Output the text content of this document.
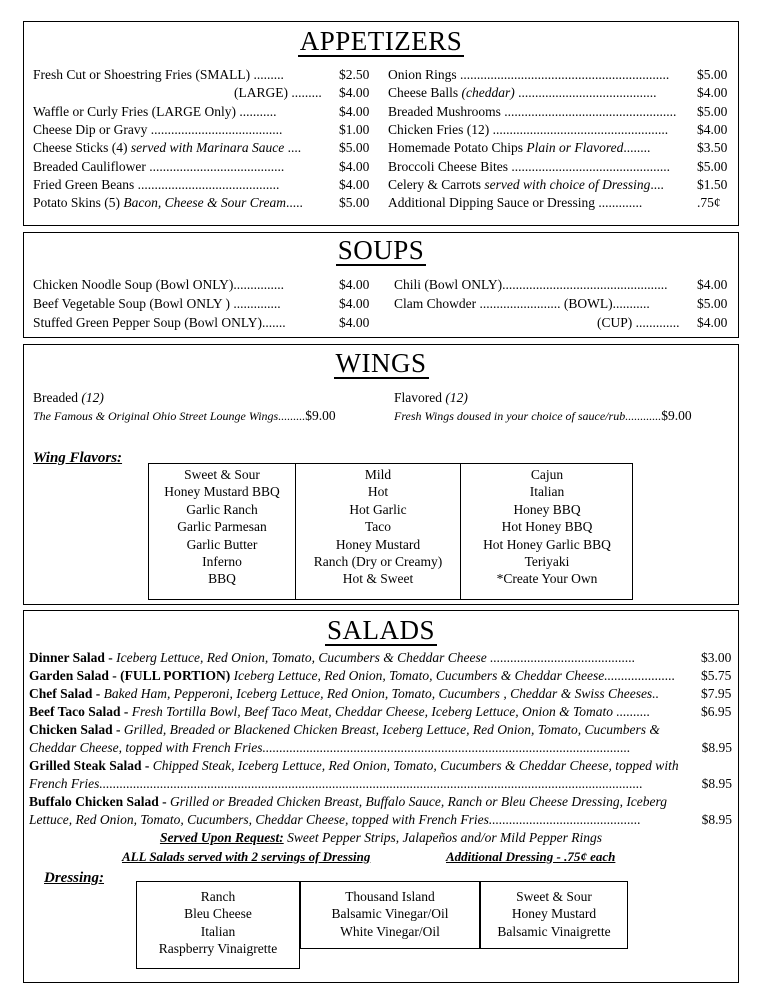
APPETIZERS
Fresh Cut or Shoestring Fries (SMALL) .........	$2.50
(LARGE) .........	$4.00
Waffle or Curly Fries (LARGE Only) ...........	$4.00
Cheese Dip or Gravy .......................................	$1.00
Cheese Sticks (4) served with Marinara Sauce ....	$5.00
Breaded Cauliflower ........................................	$4.00
Fried Green Beans ..........................................	$4.00
Potato Skins (5) Bacon, Cheese & Sour Cream.....	$5.00
Onion Rings ..............................................................	$5.00
Cheese Balls (cheddar) .........................................	$4.00
Breaded Mushrooms ...................................................	$5.00
Chicken Fries (12) ....................................................	$4.00
Homemade Potato Chips Plain or Flavored........	$3.50
Broccoli Cheese Bites ...............................................	$5.00
Celery & Carrots served with choice of Dressing....	$1.50
Additional Dipping Sauce or Dressing .............	.75¢
SOUPS
Chicken Noodle Soup (Bowl ONLY)...............	$4.00
Beef Vegetable Soup (Bowl ONLY ) ..............	$4.00
Stuffed Green Pepper Soup (Bowl ONLY).......	$4.00
Chili (Bowl ONLY).................................................	$4.00
Clam Chowder ........................ (BOWL)...........	$5.00
(CUP) .............	$4.00
WINGS
Breaded (12)
The Famous & Original Ohio Street Lounge Wings.........$9.00
Flavored (12)
Fresh Wings doused in your choice of sauce/rub............$9.00
Wing Flavors:
Sweet & Sour
Honey Mustard BBQ
Garlic Ranch
Garlic Parmesan
Garlic Butter
Inferno
BBQ
Mild
Hot
Hot Garlic
Taco
Honey Mustard
Ranch (Dry or Creamy)
Hot & Sweet
Cajun
Italian
Honey BBQ
Hot Honey BBQ
Hot Honey Garlic BBQ
Teriyaki
*Create Your Own
SALADS
Dinner Salad - Iceberg Lettuce, Red Onion, Tomato, Cucumbers & Cheddar Cheese ...........................................	$3.00
Garden Salad - (FULL PORTION) Iceberg Lettuce, Red Onion, Tomato, Cucumbers & Cheddar Cheese.....................	$5.75
Chef Salad - Baked Ham, Pepperoni, Iceberg Lettuce, Red Onion, Tomato, Cucumbers , Cheddar & Swiss Cheeses..	$7.95
Beef Taco Salad - Fresh Tortilla Bowl, Beef Taco Meat, Cheddar Cheese, Iceberg Lettuce, Onion & Tomato ..........	$6.95
Chicken Salad - Grilled, Breaded or Blackened Chicken Breast, Iceberg Lettuce, Red Onion, Tomato, Cucumbers &
Cheddar Cheese, topped with French Fries.............................................................................................................	$8.95
Grilled Steak Salad - Chipped Steak, Iceberg Lettuce, Red Onion, Tomato, Cucumbers & Cheddar Cheese, topped with
French Fries.................................................................................................................................................................	$8.95
Buffalo Chicken Salad - Grilled or Breaded Chicken Breast, Buffalo Sauce, Ranch or Bleu Cheese Dressing, Iceberg
Lettuce, Red Onion, Tomato, Cucumbers, Cheddar Cheese, topped with French Fries.............................................	$8.95
Served Upon Request: Sweet Pepper Strips, Jalapeños and/or Mild Pepper Rings
ALL Salads served with 2 servings of Dressing	Additional Dressing - .75¢ each
Dressing:
Ranch
Bleu Cheese
Italian
Raspberry Vinaigrette
Thousand Island
Balsamic Vinegar/Oil
White Vinegar/Oil
Sweet & Sour
Honey Mustard
Balsamic Vinaigrette
